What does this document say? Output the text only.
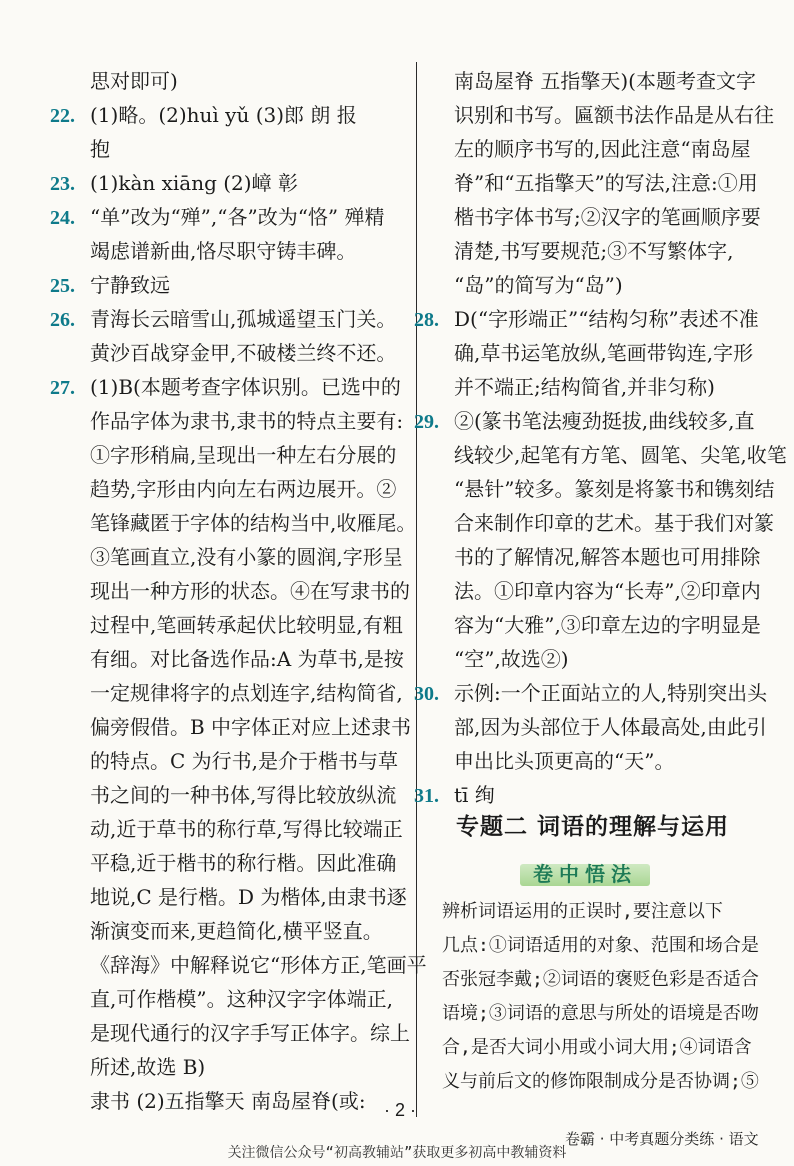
思对即可)
22. (1)略。(2)huì yǔ (3)郎 朗 报
抱
23. (1)kàn xiāng (2)嶂 彰
24. “单”改为“殚”,“各”改为“恪” 殚精
竭虑谱新曲,恪尽职守铸丰碑。
25. 宁静致远
26. 青海长云暗雪山,孤城遥望玉门关。
黄沙百战穿金甲,不破楼兰终不还。
27. (1)B(本题考查字体识别。已选中的
作品字体为隶书,隶书的特点主要有:
①字形稍扁,呈现出一种左右分展的
趋势,字形由内向左右两边展开。②
笔锋藏匿于字体的结构当中,收雁尾。
③笔画直立,没有小篆的圆润,字形呈
现出一种方形的状态。④在写隶书的
过程中,笔画转承起伏比较明显,有粗
有细。对比备选作品:A 为草书,是按
一定规律将字的点划连字,结构简省,
偏旁假借。B 中字体正对应上述隶书
的特点。C 为行书,是介于楷书与草
书之间的一种书体,写得比较放纵流
动,近于草书的称行草,写得比较端正
平稳,近于楷书的称行楷。因此准确
地说,C 是行楷。D 为楷体,由隶书逐
渐演变而来,更趋简化,横平竖直。
《辞海》中解释说它“形体方正,笔画平
直,可作楷模”。这种汉字字体端正,
是现代通行的汉字手写正体字。综上
所述,故选 B)
隶书 (2)五指擎天 南岛屋脊(或:
南岛屋脊 五指擎天)(本题考查文字
识别和书写。匾额书法作品是从右往
左的顺序书写的,因此注意“南岛屋
脊”和“五指擎天”的写法,注意:①用
楷书字体书写;②汉字的笔画顺序要
清楚,书写要规范;③不写繁体字,
“岛”的简写为“岛”)
28. D(“字形端正”“结构匀称”表述不准
确,草书运笔放纵,笔画带钩连,字形
并不端正;结构简省,并非匀称)
29. ②(篆书笔法瘦劲挺拔,曲线较多,直
线较少,起笔有方笔、圆笔、尖笔,收笔
“悬针”较多。篆刻是将篆书和镌刻结
合来制作印章的艺术。基于我们对篆
书的了解情况,解答本题也可用排除
法。①印章内容为“长寿”,②印章内
容为“大雅”,③印章左边的字明显是
“空”,故选②)
30. 示例:一个正面站立的人,特别突出头
部,因为头部位于人体最高处,由此引
申出比头顶更高的“天”。
31. tī 绚
专题二 词语的理解与运用
卷中悟法
辨析词语运用的正误时,要注意以下
几点:①词语适用的对象、范围和场合是
否张冠李戴;②词语的褒贬色彩是否适合
语境;③词语的意思与所处的语境是否吻
合,是否大词小用或小词大用;④词语含
义与前后文的修饰限制成分是否协调;⑤
· 2 ·
卷霸 · 中考真题分类练 · 语文
关注微信公众号“初高教辅站”获取更多初高中教辅资料
